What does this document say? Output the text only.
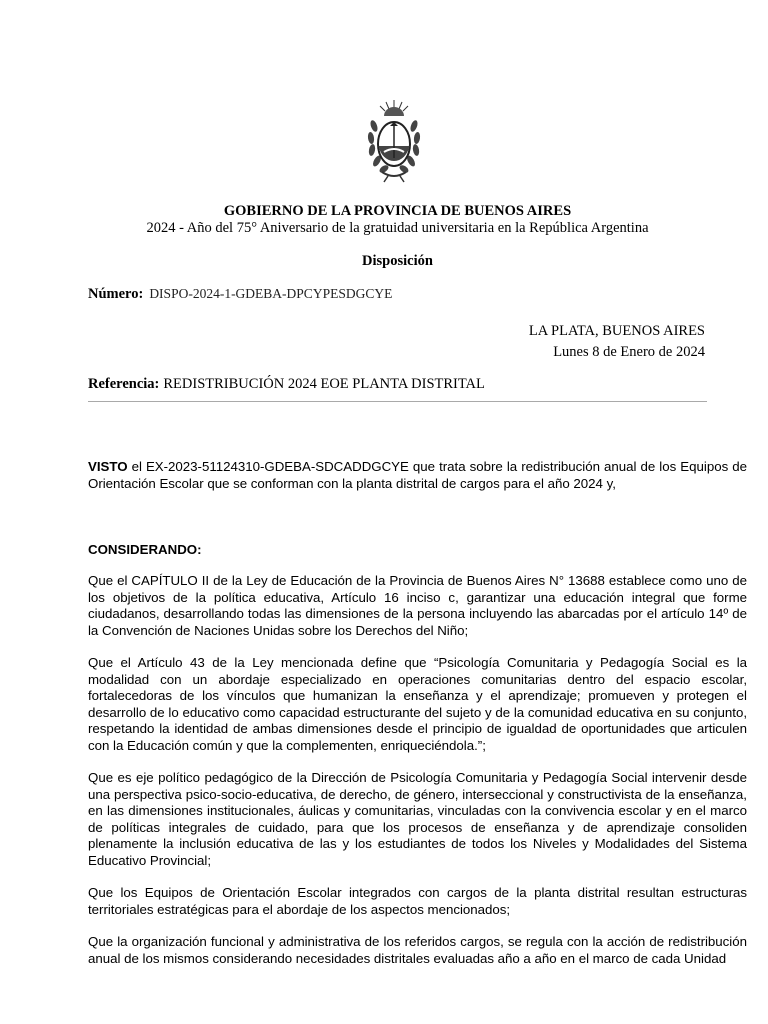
GOBIERNO DE LA PROVINCIA DE BUENOS AIRES
2024 - Año del 75° Aniversario de la gratuidad universitaria en la República Argentina
Disposición
Número: DISPO-2024-1-GDEBA-DPCYPESDGCYE
LA PLATA, BUENOS AIRES
Lunes 8 de Enero de 2024
Referencia: REDISTRIBUCIÓN 2024 EOE PLANTA DISTRITAL
VISTO el EX-2023-51124310-GDEBA-SDCADDGCYE que trata sobre la redistribución anual de los Equipos de Orientación Escolar que se conforman con la planta distrital de cargos para el año 2024 y,
CONSIDERANDO:
Que el CAPÍTULO II de la Ley de Educación de la Provincia de Buenos Aires N° 13688 establece como uno de los objetivos de la política educativa, Artículo 16 inciso c, garantizar una educación integral que forme ciudadanos, desarrollando todas las dimensiones de la persona incluyendo las abarcadas por el artículo 14º de la Convención de Naciones Unidas sobre los Derechos del Niño;
Que el Artículo 43 de la Ley mencionada define que “Psicología Comunitaria y Pedagogía Social es la modalidad con un abordaje especializado en operaciones comunitarias dentro del espacio escolar, fortalecedoras de los vínculos que humanizan la enseñanza y el aprendizaje; promueven y protegen el desarrollo de lo educativo como capacidad estructurante del sujeto y de la comunidad educativa en su conjunto, respetando la identidad de ambas dimensiones desde el principio de igualdad de oportunidades que articulen con la Educación común y que la complementen, enriqueciéndola.”;
Que es eje político pedagógico de la Dirección de Psicología Comunitaria y Pedagogía Social intervenir desde una perspectiva psico-socio-educativa, de derecho, de género, interseccional y constructivista de la enseñanza, en las dimensiones institucionales, áulicas y comunitarias, vinculadas con la convivencia escolar y en el marco de políticas integrales de cuidado, para que los procesos de enseñanza y de aprendizaje consoliden plenamente la inclusión educativa de las y los estudiantes de todos los Niveles y Modalidades del Sistema Educativo Provincial;
Que los Equipos de Orientación Escolar integrados con cargos de la planta distrital resultan estructuras territoriales estratégicas para el abordaje de los aspectos mencionados;
Que la organización funcional y administrativa de los referidos cargos, se regula con la acción de redistribución anual de los mismos considerando necesidades distritales evaluadas año a año en el marco de cada Unidad
